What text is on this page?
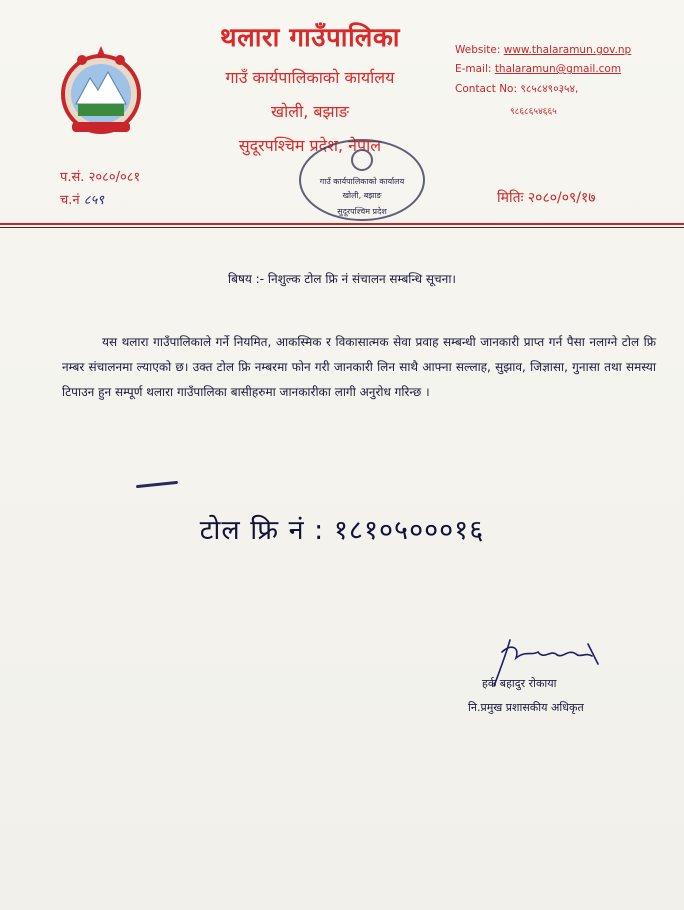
थलारा गाउँपालिका
गाउँ कार्यपालिकाको कार्यालय
खोली, बझाङ
सुदूरपश्चिम प्रदेश, नेपाल
Website: www.thalaramun.gov.np
E-mail: thalaramun@gmail.com
Contact No: ९८५८४९०३५४,
९८६८६५४६६५
प.सं. २०८०/०८१
च.नं ८५९
गाउँ कार्यपालिकाको कार्यालय
खोली, बझाङ
सुदूरपश्चिम प्रदेश
मितिः २०८०/०९/१७
बिषय :- निशुल्क टोल फ्रि नं संचालन सम्बन्धि सूचना।
यस थलारा गाउँपालिकाले गर्ने नियमित, आकस्मिक र विकासात्मक सेवा प्रवाह सम्बन्धी जानकारी प्राप्त गर्न पैसा नलाग्ने टोल फ्रि नम्बर संचालनमा ल्याएको छ। उक्त टोल फ्रि नम्बरमा फोन गरी जानकारी लिन साथै आफ्ना सल्लाह, सुझाव, जिज्ञासा, गुनासा तथा समस्या टिपाउन हुन सम्पूर्ण थलारा गाउँपालिका बासीहरुमा जानकारीका लागी अनुरोध गरिन्छ ।
टोल फ्रि नं : १८१०५०००१६
हर्क बहादुर रोकाया
नि.प्रमुख प्रशासकीय अधिकृत
